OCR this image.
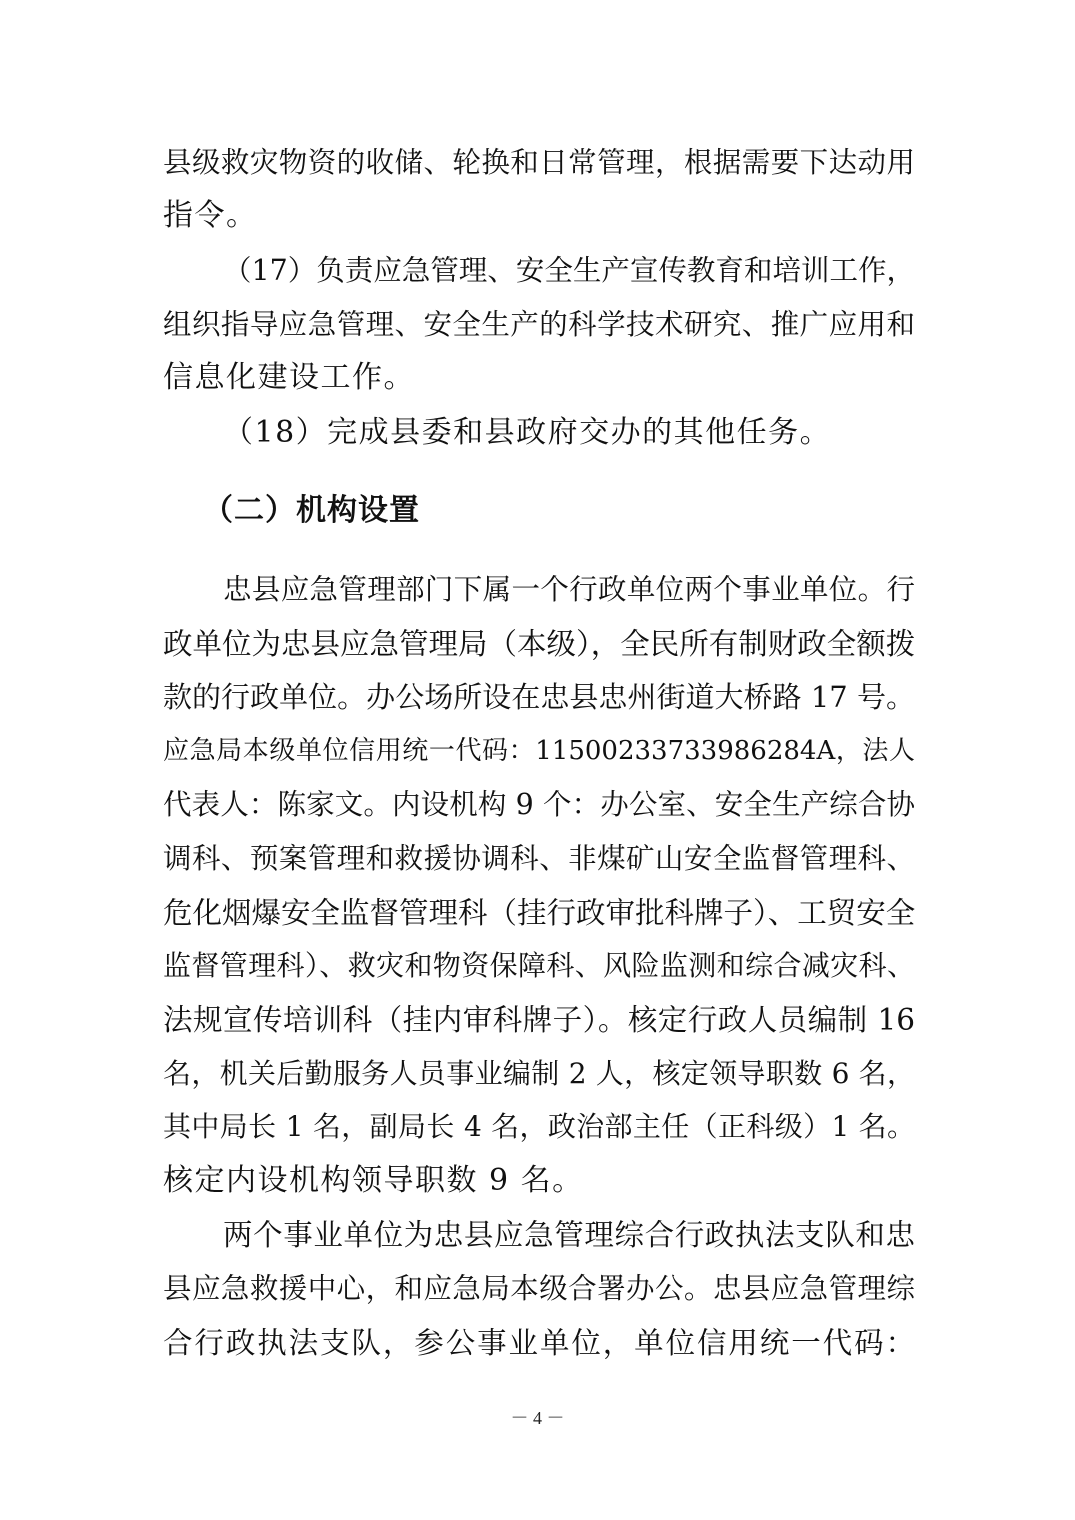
县级救灾物资的收储、轮换和日常管理，根据需要下达动用
指令。
（17）负责应急管理、安全生产宣传教育和培训工作，
组织指导应急管理、安全生产的科学技术研究、推广应用和
信息化建设工作。
（18）完成县委和县政府交办的其他任务。
（二）机构设置
忠县应急管理部门下属一个行政单位两个事业单位。行
政单位为忠县应急管理局（本级），全民所有制财政全额拨
款的行政单位。办公场所设在忠县忠州街道大桥路 17 号。
应急局本级单位信用统一代码：11500233733986284A，法人
代表人：陈家文。内设机构 9 个：办公室、安全生产综合协
调科、预案管理和救援协调科、非煤矿山安全监督管理科、
危化烟爆安全监督管理科（挂行政审批科牌子）、工贸安全
监督管理科）、救灾和物资保障科、风险监测和综合减灾科、
法规宣传培训科（挂内审科牌子）。核定行政人员编制 16
名，机关后勤服务人员事业编制 2 人，核定领导职数 6 名，
其中局长 1 名，副局长 4 名，政治部主任（正科级）1 名。
核定内设机构领导职数 9 名。
两个事业单位为忠县应急管理综合行政执法支队和忠
县应急救援中心，和应急局本级合署办公。忠县应急管理综
合行政执法支队，参公事业单位，单位信用统一代码：
－ 4 －
